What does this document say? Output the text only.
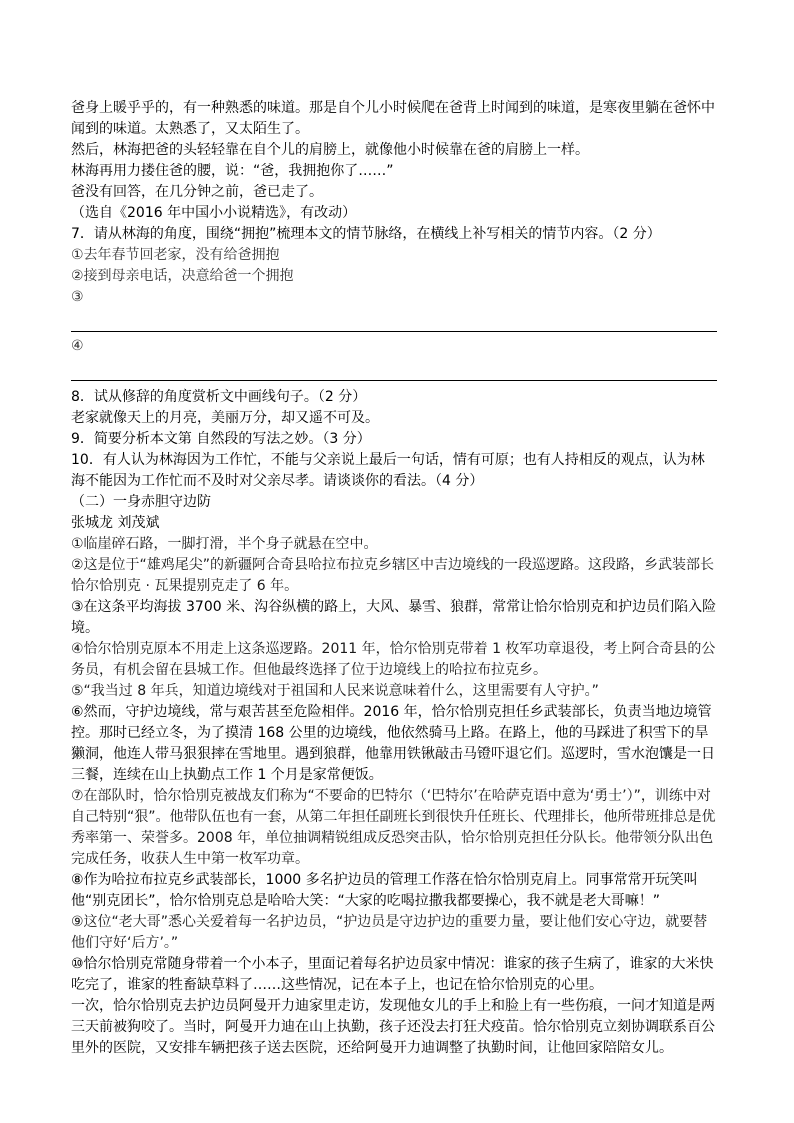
爸身上暖乎乎的，有一种熟悉的味道。那是自个儿小时候爬在爸背上时闻到的味道，是寒夜里躺在爸怀中闻到的味道。太熟悉了，又太陌生了。

然后，林海把爸的头轻轻靠在自个儿的肩膀上，就像他小时候靠在爸的肩膀上一样。

林海再用力搂住爸的腰，说：“爸，我拥抱你了……”

爸没有回答，在几分钟之前，爸已走了。

（选自《2016 年中国小小说精选》，有改动）

7．请从林海的角度，围绕“拥抱”梳理本文的情节脉络，在横线上补写相关的情节内容。（2 分）

①去年春节回老家，没有给爸拥抱

②接到母亲电话，决意给爸一个拥抱

③

④

8．试从修辞的角度赏析文中画线句子。（2 分）

老家就像天上的月亮，美丽万分，却又遥不可及。

9．简要分析本文第 自然段的写法之妙。（3 分）

10．有人认为林海因为工作忙，不能与父亲说上最后一句话，情有可原；也有人持相反的观点，认为林海不能因为工作忙而不及时对父亲尽孝。请谈谈你的看法。（4 分）

（二）一身赤胆守边防

张城龙 刘茂斌

①临崖碎石路，一脚打滑，半个身子就悬在空中。

②这是位于“雄鸡尾尖”的新疆阿合奇县哈拉布拉克乡辖区中吉边境线的一段巡逻路。这段路，乡武装部长恰尔恰別克 · 瓦果提别克走了 6 年。

③在这条平均海拔 3700 米、沟谷纵横的路上，大风、暴雪、狼群，常常让恰尔恰別克和护边员们陷入险境。

④恰尔恰別克原本不用走上这条巡逻路。2011 年，恰尔恰別克带着 1 枚军功章退役，考上阿合奇县的公务员，有机会留在县城工作。但他最终选择了位于边境线上的哈拉布拉克乡。

⑤“我当过 8 年兵，知道边境线对于祖国和人民来说意味着什么，这里需要有人守护。”

⑥然而，守护边境线，常与艰苦甚至危险相伴。2016 年，恰尔恰別克担任乡武装部长，负责当地边境管控。那时已经立冬，为了摸清 168 公里的边境线，他依然骑马上路。在路上，他的马踩进了积雪下的旱獭洞，他连人带马狠狠摔在雪地里。遇到狼群，他靠用铁锹敲击马镫吓退它们。巡逻时，雪水泡馕是一日三餐，连续在山上执勤点工作 1 个月是家常便饭。

⑦在部队时，恰尔恰別克被战友们称为“不要命的巴特尔（‘巴特尔’在哈萨克语中意为‘勇士’）”，训练中对自己特别“狠”。他带队伍也有一套，从第二年担任副班长到很快升任班长、代理排长，他所带班排总是优秀率第一、荣誉多。2008 年，单位抽调精锐组成反恐突击队，恰尔恰別克担任分队长。他带领分队出色完成任务，收获人生中第一枚军功章。

⑧作为哈拉布拉克乡武装部长，1000 多名护边员的管理工作落在恰尔恰別克肩上。同事常常开玩笑叫他“别克团长”，恰尔恰別克总是哈哈大笑：“大家的吃喝拉撒我都要操心，我不就是老大哥嘛！”

⑨这位“老大哥”悉心关爱着每一名护边员，“护边员是守边护边的重要力量，要让他们安心守边，就要替他们守好‘后方’。”

⑩恰尔恰別克常随身带着一个小本子，里面记着每名护边员家中情况：谁家的孩子生病了，谁家的大米快吃完了，谁家的牲畜缺草料了……这些情况，记在本子上，也记在恰尔恰別克的心里。

一次，恰尔恰別克去护边员阿曼开力迪家里走访，发现他女儿的手上和脸上有一些伤痕，一问才知道是两三天前被狗咬了。当时，阿曼开力迪在山上执勤，孩子还没去打狂犬疫苗。恰尔恰別克立刻协调联系百公里外的医院，又安排车辆把孩子送去医院，还给阿曼开力迪调整了执勤时间，让他回家陪陪女儿。
